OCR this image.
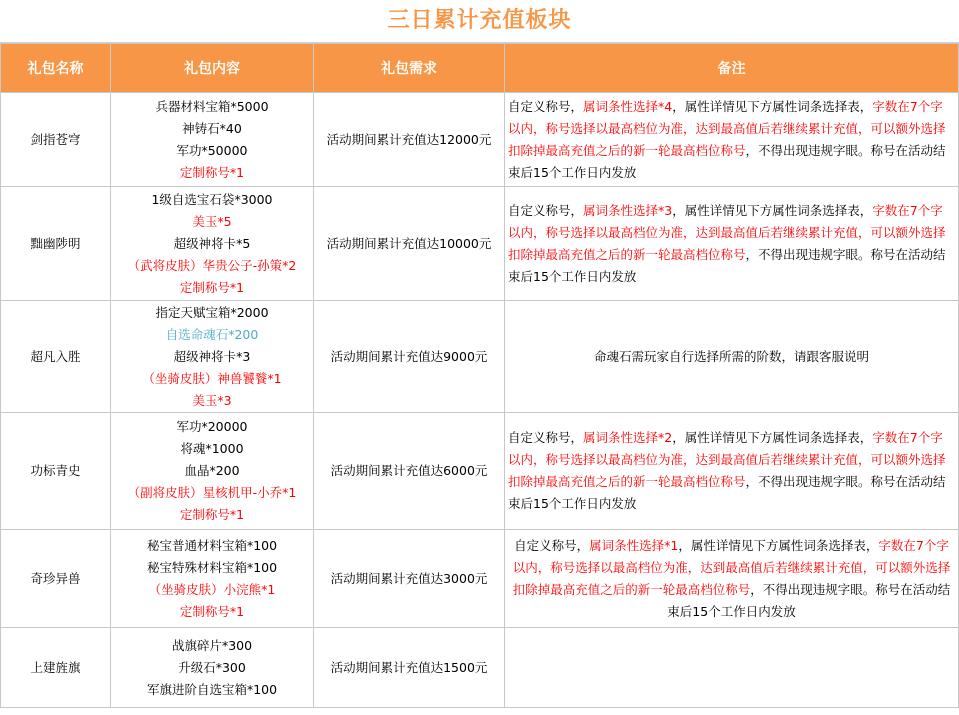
三日累计充值板块
礼包名称	礼包内容	礼包需求	备注
剑指苍穹	兵器材料宝箱*5000
神铸石*40
军功*50000
定制称号*1	活动期间累计充值达12000元	自定义称号，属词条性选择*4，属性详情见下方属性词条选择表，字数在7个字以内，称号选择以最高档位为准，达到最高值后若继续累计充值，可以额外选择扣除掉最高充值之后的新一轮最高档位称号，不得出现违规字眼。称号在活动结束后15个工作日内发放
黜幽陟明	1级自选宝石袋*3000
美玉*5
超级神将卡*5
（武将皮肤）华贵公子-孙策*2
定制称号*1	活动期间累计充值达10000元	自定义称号，属词条性选择*3，属性详情见下方属性词条选择表，字数在7个字以内，称号选择以最高档位为准，达到最高值后若继续累计充值，可以额外选择扣除掉最高充值之后的新一轮最高档位称号，不得出现违规字眼。称号在活动结束后15个工作日内发放
超凡入胜	指定天赋宝箱*2000
自选命魂石*200
超级神将卡*3
（坐骑皮肤）神兽饕餮*1
美玉*3	活动期间累计充值达9000元	命魂石需玩家自行选择所需的阶数，请跟客服说明
功标青史	军功*20000
将魂*1000
血晶*200
（副将皮肤）星核机甲-小乔*1
定制称号*1	活动期间累计充值达6000元	自定义称号，属词条性选择*2，属性详情见下方属性词条选择表，字数在7个字以内，称号选择以最高档位为准，达到最高值后若继续累计充值，可以额外选择扣除掉最高充值之后的新一轮最高档位称号，不得出现违规字眼。称号在活动结束后15个工作日内发放
奇珍异兽	秘宝普通材料宝箱*100
秘宝特殊材料宝箱*100
（坐骑皮肤）小浣熊*1
定制称号*1	活动期间累计充值达3000元	自定义称号，属词条性选择*1，属性详情见下方属性词条选择表，字数在7个字以内，称号选择以最高档位为准，达到最高值后若继续累计充值，可以额外选择扣除掉最高充值之后的新一轮最高档位称号，不得出现违规字眼。称号在活动结束后15个工作日内发放
上建旌旗	战旗碎片*300
升级石*300
军旗进阶自选宝箱*100	活动期间累计充值达1500元	
